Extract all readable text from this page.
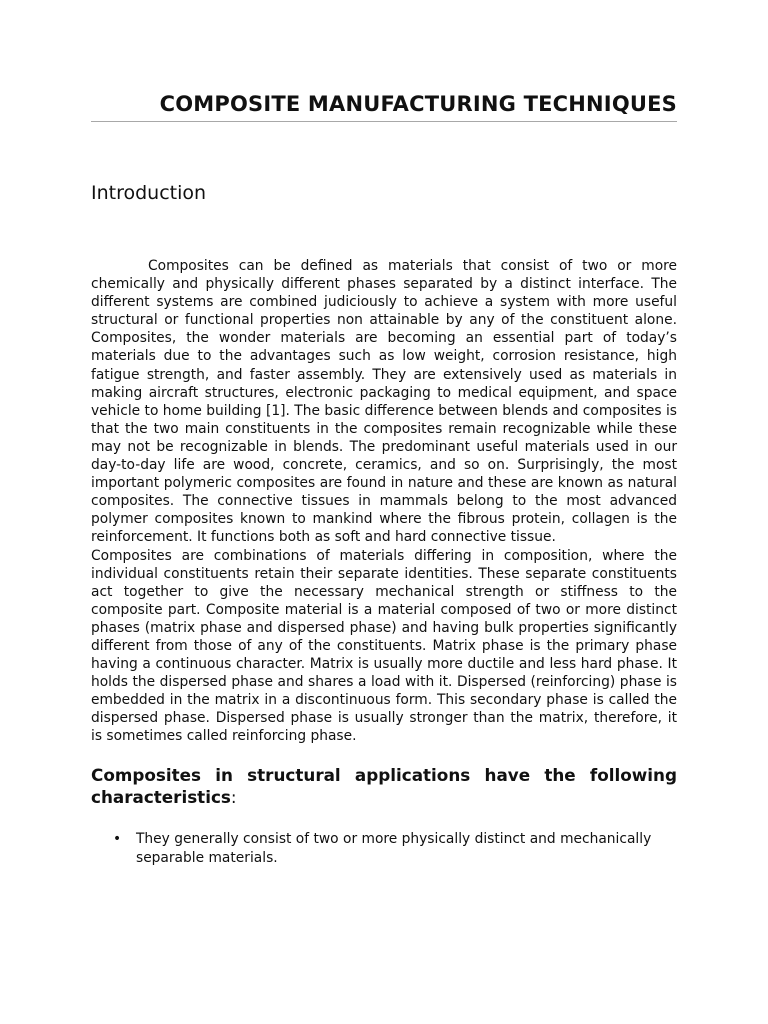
COMPOSITE MANUFACTURING TECHNIQUES
Introduction

Composites can be defined as materials that consist of two or more chemically and physically different phases separated by a distinct interface. The different systems are combined judiciously to achieve a system with more useful structural or functional properties non attainable by any of the constituent alone. Composites, the wonder materials are becoming an essential part of today’s materials due to the advantages such as low weight, corrosion resistance, high fatigue strength, and faster assembly. They are extensively used as materials in making aircraft structures, electronic packaging to medical equipment, and space vehicle to home building [1]. The basic difference between blends and composites is that the two main constituents in the composites remain recognizable while these may not be recognizable in blends. The predominant useful materials used in our day-to-day life are wood, concrete, ceramics, and so on. Surprisingly, the most important polymeric composites are found in nature and these are known as natural composites. The connective tissues in mammals belong to the most advanced polymer composites known to mankind where the fibrous protein, collagen is the reinforcement. It functions both as soft and hard connective tissue.

Composites are combinations of materials differing in composition, where the individual constituents retain their separate identities. These separate constituents act together to give the necessary mechanical strength or stiffness to the composite part. Composite material is a material composed of two or more distinct phases (matrix phase and dispersed phase) and having bulk properties significantly different from those of any of the constituents. Matrix phase is the primary phase having a continuous character. Matrix is usually more ductile and less hard phase. It holds the dispersed phase and shares a load with it. Dispersed (reinforcing) phase is embedded in the matrix in a discontinuous form. This secondary phase is called the dispersed phase. Dispersed phase is usually stronger than the matrix, therefore, it is sometimes called reinforcing phase.

Composites in structural applications have the following characteristics:
• They generally consist of two or more physically distinct and mechanically separable materials.
